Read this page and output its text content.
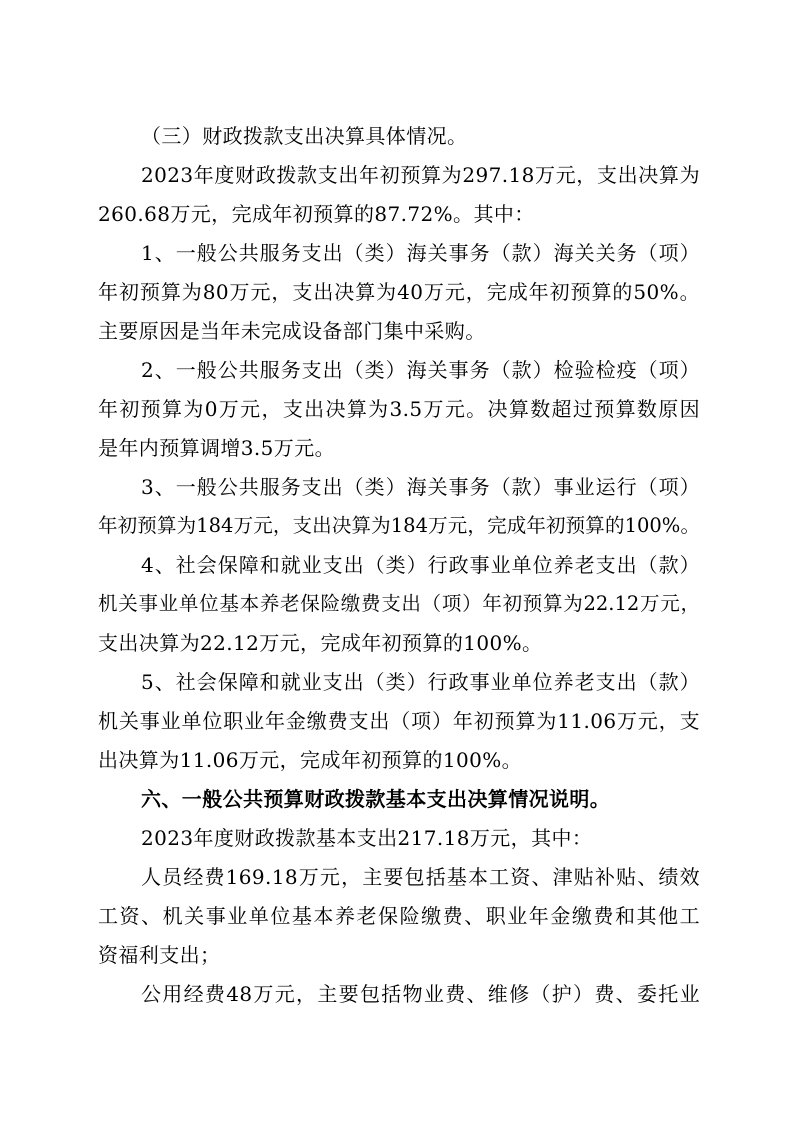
（三）财政拨款支出决算具体情况。
2023年度财政拨款支出年初预算为297.18万元，支出决算为
260.68万元，完成年初预算的87.72%。其中：
1、一般公共服务支出（类）海关事务（款）海关关务（项）
年初预算为80万元，支出决算为40万元，完成年初预算的50%。
主要原因是当年未完成设备部门集中采购。
2、一般公共服务支出（类）海关事务（款）检验检疫（项）
年初预算为0万元，支出决算为3.5万元。决算数超过预算数原因
是年内预算调增3.5万元。
3、一般公共服务支出（类）海关事务（款）事业运行（项）
年初预算为184万元，支出决算为184万元，完成年初预算的100%。
4、社会保障和就业支出（类）行政事业单位养老支出（款）
机关事业单位基本养老保险缴费支出（项）年初预算为22.12万元，
支出决算为22.12万元，完成年初预算的100%。
5、社会保障和就业支出（类）行政事业单位养老支出（款）
机关事业单位职业年金缴费支出（项）年初预算为11.06万元，支
出决算为11.06万元，完成年初预算的100%。
六、一般公共预算财政拨款基本支出决算情况说明。
2023年度财政拨款基本支出217.18万元，其中：
人员经费169.18万元，主要包括基本工资、津贴补贴、绩效
工资、机关事业单位基本养老保险缴费、职业年金缴费和其他工
资福利支出；
公用经费48万元，主要包括物业费、维修（护）费、委托业
